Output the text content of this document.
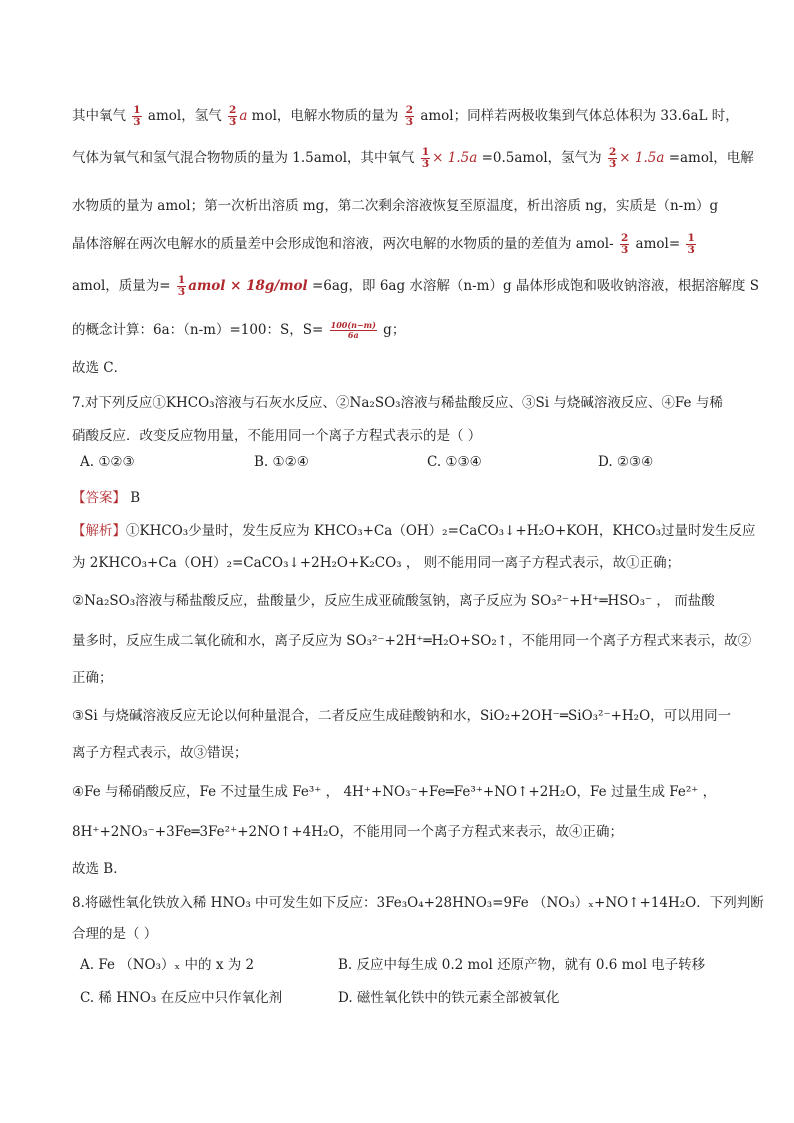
其中氧气 $\frac{1}{3}$ amol，氢气 $\frac{2}{3}$ a mol，电解水物质的量为 $\frac{2}{3}$ amol；同样若两极收集到气体总体积为 33.6aL 时，
气体为氧气和氢气混合物物质的量为 1.5amol，其中氧气 $\frac{1}{3} \times 1.5a$ =0.5amol，氢气为 $\frac{2}{3} \times 1.5a$ =amol，电解
水物质的量为 amol；第一次析出溶质 mg，第二次剩余溶液恢复至原温度，析出溶质 ng，实质是（n-m）g
晶体溶解在两次电解水的质量差中会形成饱和溶液，两次电解的水物质的量的差值为 amol- $\frac{2}{3}$ amol= $\frac{1}{3}$
amol，质量为= $\frac{1}{3}$ amol × 18g/mol =6ag，即 6ag 水溶解（n-m）g 晶体形成饱和吸收钠溶液，根据溶解度 S
的概念计算：6a：（n-m）=100：S，$S= \frac{100(n-m)}{6a}$ g；
故选 C．
7.对下列反应①KHCO₃溶液与石灰水反应、②Na₂SO₃溶液与稀盐酸反应、③Si 与烧碱溶液反应、④Fe 与稀
硝酸反应．改变反应物用量，不能用同一个离子方程式表示的是（ ）
A. ①②③	B. ①②④	C. ①③④	D. ②③④
【答案】 B
【解析】①KHCO₃少量时，发生反应为 KHCO₃+Ca（OH）₂=CaCO₃↓+H₂O+KOH，KHCO₃过量时发生反应
为 2KHCO₃+Ca（OH）₂=CaCO₃↓+2H₂O+K₂CO₃ ， 则不能用同一离子方程式表示，故①正确；
②Na₂SO₃溶液与稀盐酸反应，盐酸量少，反应生成亚硫酸氢钠，离子反应为 SO₃²⁻+H⁺═HSO₃⁻ ， 而盐酸
量多时，反应生成二氧化硫和水，离子反应为 SO₃²⁻+2H⁺═H₂O+SO₂↑，不能用同一个离子方程式来表示，故②
正确；
③Si 与烧碱溶液反应无论以何种量混合，二者反应生成硅酸钠和水，SiO₂+2OH⁻═SiO₃²⁻+H₂O，可以用同一
离子方程式表示，故③错误；
④Fe 与稀硝酸反应，Fe 不过量生成 Fe³⁺ ， 4H⁺+NO₃⁻+Fe═Fe³⁺+NO↑+2H₂O，Fe 过量生成 Fe²⁺ ，
8H⁺+2NO₃⁻+3Fe═3Fe²⁺+2NO↑+4H₂O，不能用同一个离子方程式来表示，故④正确；
故选 B．
8.将磁性氧化铁放入稀 HNO₃ 中可发生如下反应：3Fe₃O₄+28HNO₃=9Fe （NO₃）ₓ+NO↑+14H₂O．下列判断
合理的是（ ）
A. Fe （NO₃）ₓ 中的 x 为 2	B. 反应中每生成 0.2 mol 还原产物，就有 0.6 mol 电子转移
C. 稀 HNO₃ 在反应中只作氧化剂	D. 磁性氧化铁中的铁元素全部被氧化
